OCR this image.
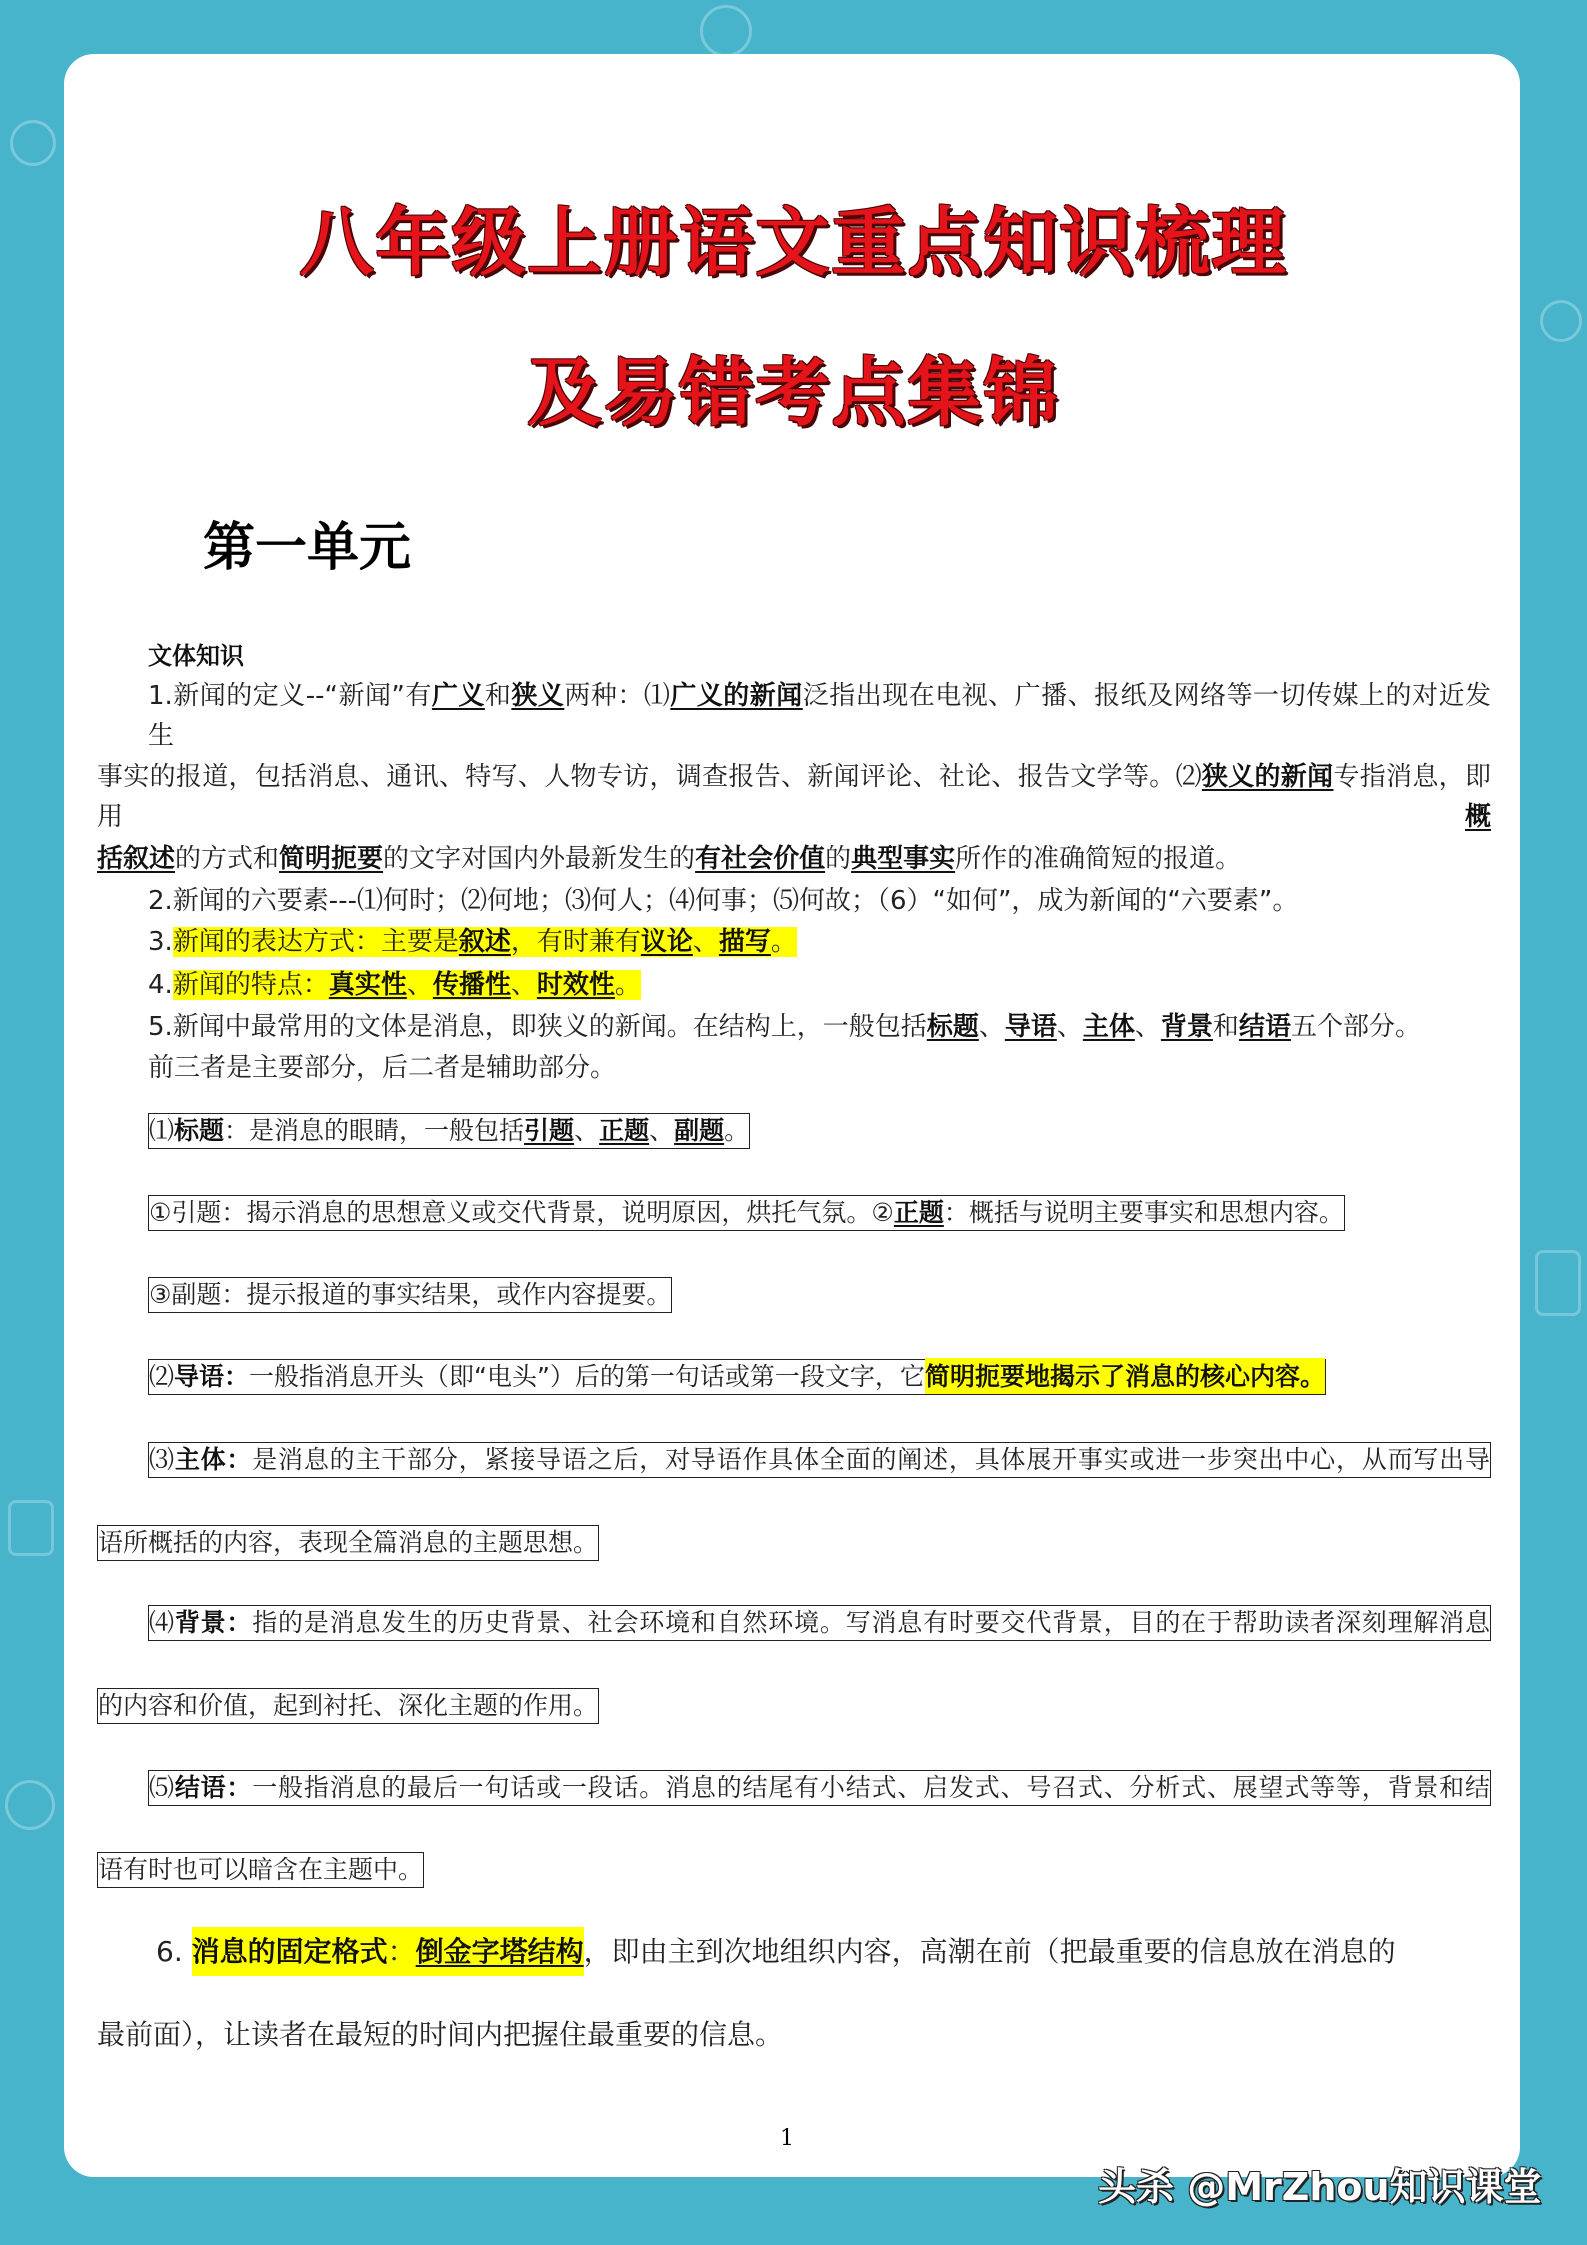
八年级上册语文重点知识梳理
及易错考点集锦
第一单元
文体知识
1.新闻的定义--“新闻”有广义和狭义两种：⑴广义的新闻泛指出现在电视、广播、报纸及网络等一切传媒上的对近发生
事实的报道，包括消息、通讯、特写、人物专访，调查报告、新闻评论、社论、报告文学等。⑵狭义的新闻专指消息，即用概
括叙述的方式和简明扼要的文字对国内外最新发生的有社会价值的典型事实所作的准确简短的报道。
2.新闻的六要素---⑴何时；⑵何地；⑶何人；⑷何事；⑸何故；（6）“如何”，成为新闻的“六要素”。
3.新闻的表达方式：主要是叙述，有时兼有议论、描写。
4.新闻的特点：真实性、传播性、时效性。
5.新闻中最常用的文体是消息，即狭义的新闻。在结构上，一般包括标题、导语、主体、背景和结语五个部分。
前三者是主要部分，后二者是辅助部分。
⑴标题：是消息的眼睛，一般包括引题、正题、副题。
①引题：揭示消息的思想意义或交代背景，说明原因，烘托气氛。②正题：概括与说明主要事实和思想内容。
③副题：提示报道的事实结果，或作内容提要。
⑵导语：一般指消息开头（即“电头”）后的第一句话或第一段文字，它简明扼要地揭示了消息的核心内容。
⑶主体：是消息的主干部分，紧接导语之后，对导语作具体全面的阐述，具体展开事实或进一步突出中心，从而写出导
语所概括的内容，表现全篇消息的主题思想。
⑷背景：指的是消息发生的历史背景、社会环境和自然环境。写消息有时要交代背景，目的在于帮助读者深刻理解消息
的内容和价值，起到衬托、深化主题的作用。
⑸结语：一般指消息的最后一句话或一段话。消息的结尾有小结式、启发式、号召式、分析式、展望式等等，背景和结
语有时也可以暗含在主题中。
6. 消息的固定格式：倒金字塔结构，即由主到次地组织内容，高潮在前（把最重要的信息放在消息的
最前面），让读者在最短的时间内把握住最重要的信息。
1
头杀 @MrZhou知识课堂
